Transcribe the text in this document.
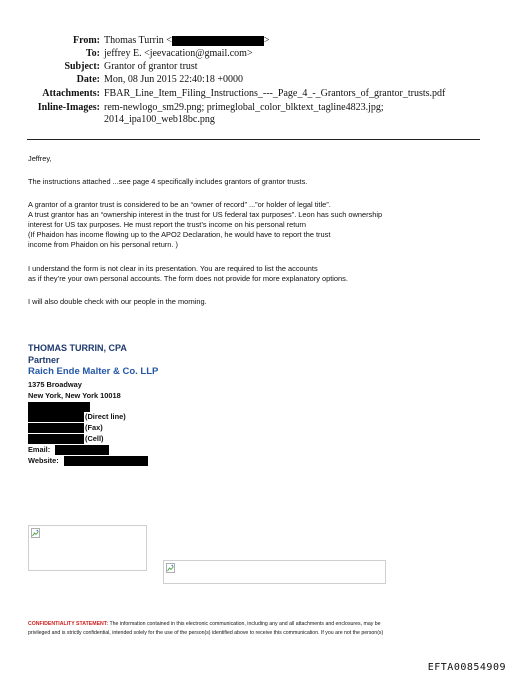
From: Thomas Turrin <	>
To: jeffrey E. <jeevacation@gmail.com>
Subject: Grantor of grantor trust
Date: Mon, 08 Jun 2015 22:40:18 +0000
Attachments: FBAR_Line_Item_Filing_Instructions_---_Page_4_-_Grantors_of_grantor_trusts.pdf
Inline-Images: rem-newlogo_sm29.png; primeglobal_color_blktext_tagline4823.jpg;
2014_ipa100_web18bc.png
Jeffrey,
The instructions attached ...see page 4 specifically includes grantors of grantor trusts.
A grantor of a grantor trust is considered to be an “owner of record” ...”or holder of legal title”.
A trust grantor has an “ownership interest in the trust for US federal tax purposes”. Leon has such ownership
interest for US tax purposes. He must report the trust’s income on his personal return
(If Phaidon has income flowing up to the APO2 Declaration, he would have to report the trust
income from Phaidon on his personal return. )
I understand the form is not clear in its presentation. You are required to list the accounts
as if they’re your own personal accounts. The form does not provide for more explanatory options.
I will also double check with our people in the morning.
THOMAS TURRIN, CPA
Partner
Raich Ende Malter & Co. LLP
1375 Broadway
New York, New York 10018
(Direct line)
(Fax)
(Cell)
Email:
Website:
CONFIDENTIALITY STATEMENT: The information contained in this electronic communication, including any and all attachments and enclosures, may be
privileged and is strictly confidential, intended solely for the use of the person(s) identified above to receive this communication. If you are not the person(s)
EFTA00854909
